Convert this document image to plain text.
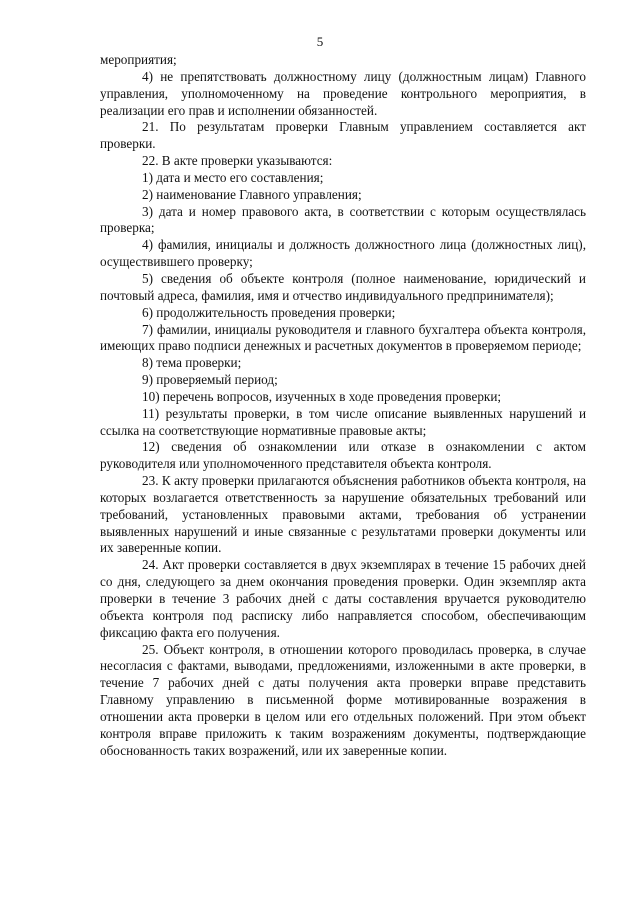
5

мероприятия;

4) не препятствовать должностному лицу (должностным лицам) Главного управления, уполномоченному на проведение контрольного мероприятия, в реализации его прав и исполнении обязанностей.

21. По результатам проверки Главным управлением составляется акт проверки.

22. В акте проверки указываются:

1) дата и место его составления;

2) наименование Главного управления;

3) дата и номер правового акта, в соответствии с которым осуществлялась проверка;

4) фамилия, инициалы и должность должностного лица (должностных лиц), осуществившего проверку;

5) сведения об объекте контроля (полное наименование, юридический и почтовый адреса, фамилия, имя и отчество индивидуального предпринимателя);

6) продолжительность проведения проверки;

7) фамилии, инициалы руководителя и главного бухгалтера объекта контроля, имеющих право подписи денежных и расчетных документов в проверяемом периоде;

8) тема проверки;

9) проверяемый период;

10) перечень вопросов, изученных в ходе проведения проверки;

11) результаты проверки, в том числе описание выявленных нарушений и ссылка на соответствующие нормативные правовые акты;

12) сведения об ознакомлении или отказе в ознакомлении с актом руководителя или уполномоченного представителя объекта контроля.

23. К акту проверки прилагаются объяснения работников объекта контроля, на которых возлагается ответственность за нарушение обязательных требований или требований, установленных правовыми актами, требования об устранении выявленных нарушений и иные связанные с результатами проверки документы или их заверенные копии.

24. Акт проверки составляется в двух экземплярах в течение 15 рабочих дней со дня, следующего за днем окончания проведения проверки. Один экземпляр акта проверки в течение 3 рабочих дней с даты составления вручается руководителю объекта контроля под расписку либо направляется способом, обеспечивающим фиксацию факта его получения.

25. Объект контроля, в отношении которого проводилась проверка, в случае несогласия с фактами, выводами, предложениями, изложенными в акте проверки, в течение 7 рабочих дней с даты получения акта проверки вправе представить Главному управлению в письменной форме мотивированные возражения в отношении акта проверки в целом или его отдельных положений. При этом объект контроля вправе приложить к таким возражениям документы, подтверждающие обоснованность таких возражений, или их заверенные копии.
